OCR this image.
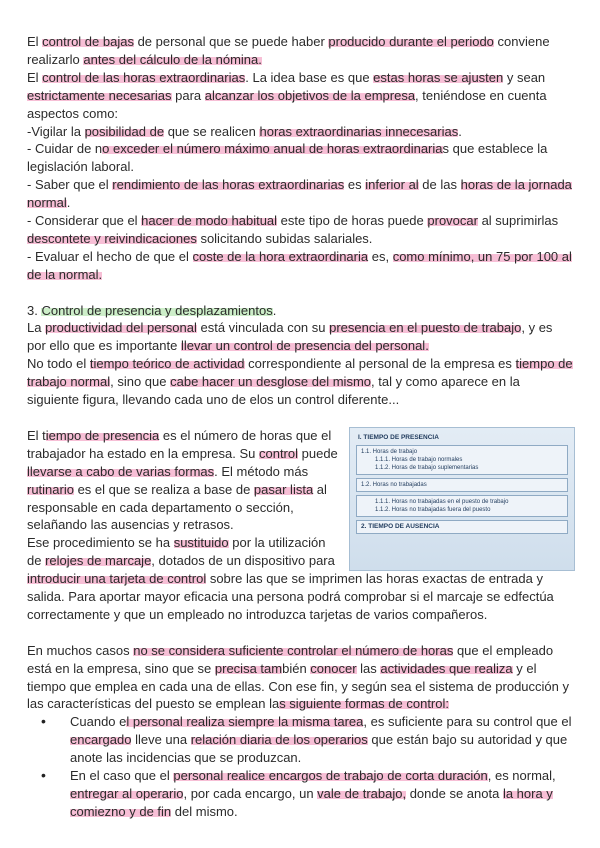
El control de bajas de personal que se puede haber producido durante el periodo conviene realizarlo antes del cálculo de la nómina.

El control de las horas extraordinarias. La idea base es que estas horas se ajusten y sean estrictamente necesarias para alcanzar los objetivos de la empresa, teniéndose en cuenta aspectos como:

-Vigilar la posibilidad de que se realicen horas extraordinarias innecesarias.

- Cuidar de no exceder el número máximo anual de horas extraordinarias que establece la legislación laboral.

- Saber que el rendimiento de las horas extraordinarias es inferior al de las horas de la jornada normal.

- Considerar que el hacer de modo habitual este tipo de horas puede provocar al suprimirlas descontete y reivindicaciones solicitando subidas salariales.

- Evaluar el hecho de que el coste de la hora extraordinaria es, como mínimo, un 75 por 100 al de la normal.

3. Control de presencia y desplazamientos.

La productividad del personal está vinculada con su presencia en el puesto de trabajo, y es por ello que es importante llevar un control de presencia del personal.

No todo el tiempo teórico de actividad correspondiente al personal de la empresa es tiempo de trabajo normal, sino que cabe hacer un desglose del mismo, tal y como aparece en la siguiente figura, llevando cada uno de elos un control diferente...

I. TIEMPO DE PRESENCIA
1.1. Horas de trabajo
1.1.1. Horas de trabajo normales
1.1.2. Horas de trabajo suplementarias
1.2. Horas no trabajadas
1.1.1. Horas no trabajadas en el puesto de trabajo
1.1.2. Horas no trabajadas fuera del puesto
2. TIEMPO DE AUSENCIA

El tiempo de presencia es el número de horas que el trabajador ha estado en la empresa. Su control puede llevarse a cabo de varias formas. El método más rutinario es el que se realiza a base de pasar lista al responsable en cada departamento o sección, selañando las ausencias y retrasos.

Ese procedimiento se ha sustituido por la utilización de relojes de marcaje, dotados de un dispositivo para

introducir una tarjeta de control sobre las que se imprimen las horas exactas de entrada y salida. Para aportar mayor eficacia una persona podrá comprobar si el marcaje se edfectúa correctamente y que un empleado no introduzca tarjetas de varios compañeros.

En muchos casos no se considera suficiente controlar el número de horas que el empleado está en la empresa, sino que se precisa también conocer las actividades que realiza y el tiempo que emplea en cada una de ellas. Con ese fin, y según sea el sistema de producción y las características del puesto se emplean las siguiente formas de control:

• Cuando el personal realiza siempre la misma tarea, es suficiente para su control que el encargado lleve una relación diaria de los operarios que están bajo su autoridad y que anote las incidencias que se produzcan.
• En el caso que el personal realice encargos de trabajo de corta duración, es normal, entregar al operario, por cada encargo, un vale de trabajo, donde se anota la hora y comiezno y de fin del mismo.
